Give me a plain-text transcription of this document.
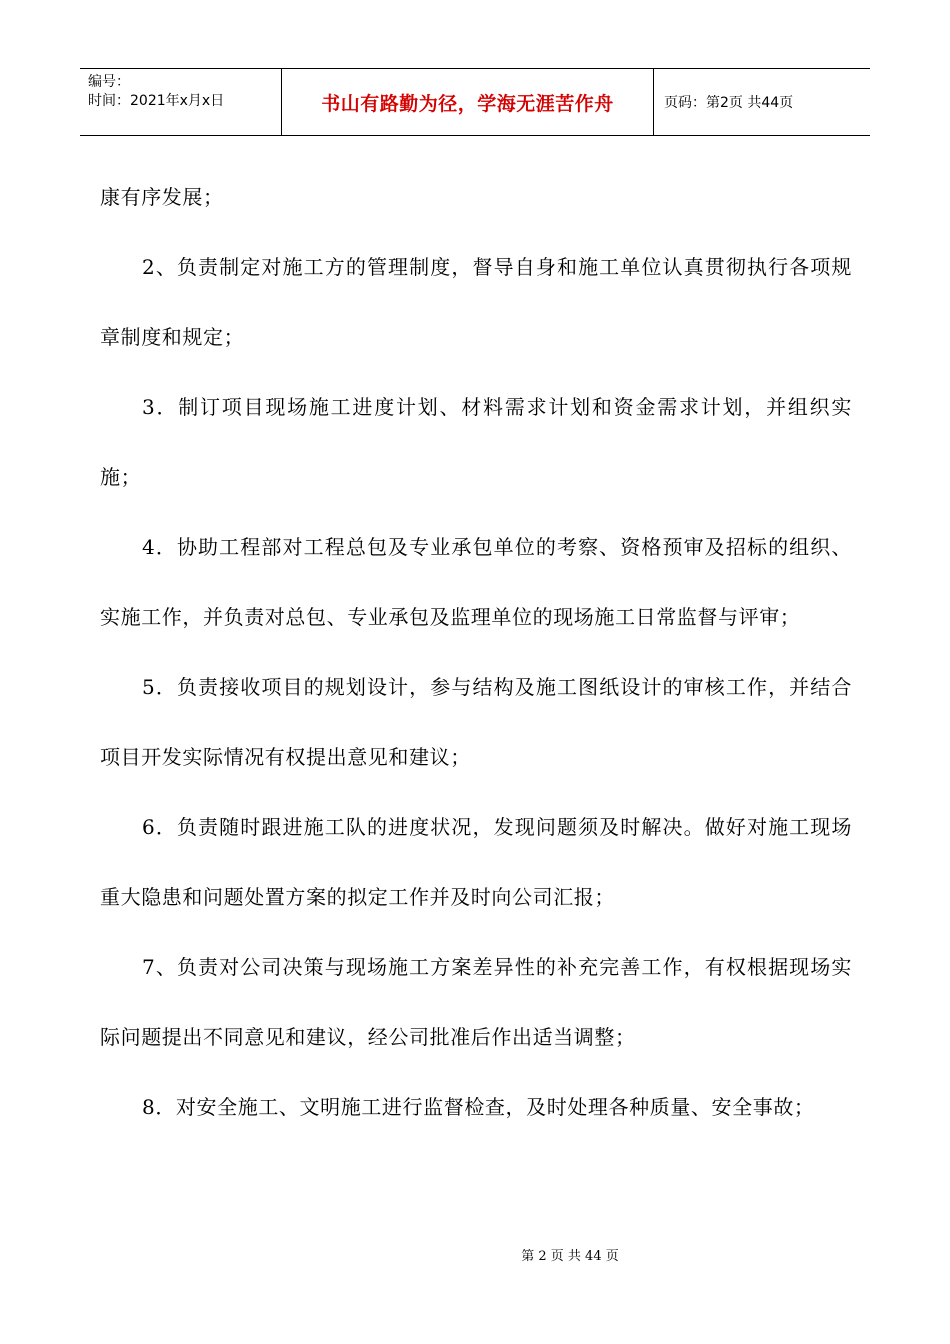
编号：
时间：2021年x月x日	书山有路勤为径，学海无涯苦作舟	页码：第2页 共44页

康有序发展；

2、负责制定对施工方的管理制度，督导自身和施工单位认真贯彻执行各项规章制度和规定；

3．制订项目现场施工进度计划、材料需求计划和资金需求计划，并组织实施；

4．协助工程部对工程总包及专业承包单位的考察、资格预审及招标的组织、实施工作，并负责对总包、专业承包及监理单位的现场施工日常监督与评审；

5．负责接收项目的规划设计，参与结构及施工图纸设计的审核工作，并结合项目开发实际情况有权提出意见和建议；

6．负责随时跟进施工队的进度状况，发现问题须及时解决。做好对施工现场重大隐患和问题处置方案的拟定工作并及时向公司汇报；

7、负责对公司决策与现场施工方案差异性的补充完善工作，有权根据现场实际问题提出不同意见和建议，经公司批准后作出适当调整；

8．对安全施工、文明施工进行监督检查，及时处理各种质量、安全事故；

第 2 页 共 44 页
